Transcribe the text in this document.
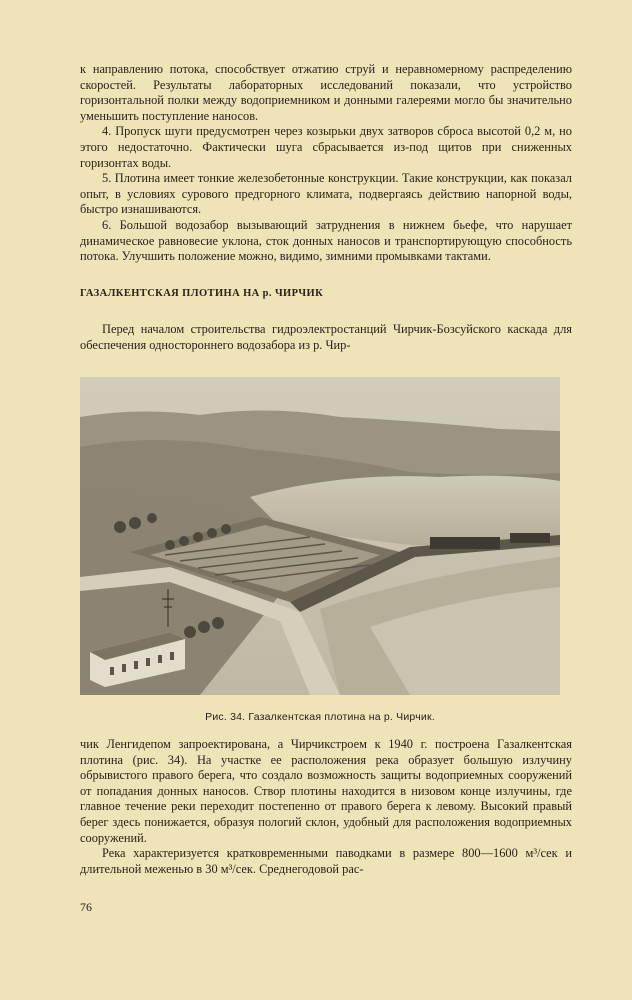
к направлению потока, способствует отжатию струй и неравномерному распределению скоростей. Результаты лабораторных исследований показали, что устройство горизонтальной полки между водоприемником и донными галереями могло бы значительно уменьшить поступление наносов.

4. Пропуск шуги предусмотрен через козырьки двух затворов сброса высотой 0,2 м, но этого недостаточно. Фактически шуга сбрасывается из-под щитов при сниженных горизонтах воды.

5. Плотина имеет тонкие железобетонные конструкции. Такие конструкции, как показал опыт, в условиях сурового предгорного климата, подвергаясь действию напорной воды, быстро изнашиваются.

6. Большой водозабор вызывающий затруднения в нижнем бьефе, что нарушает динамическое равновесие уклона, сток донных наносов и транспортирующую способность потока. Улучшить положение можно, видимо, зимними промывками тактами.

ГАЗАЛКЕНТСКАЯ ПЛОТИНА НА р. ЧИРЧИК

Перед началом строительства гидроэлектростанций Чирчик-Бозсуйского каскада для обеспечения одностороннего водозабора из р. Чир-

Рис. 34. Газалкентская плотина на р. Чирчик.

чик Ленгидепом запроектирована, а Чирчикстроем к 1940 г. построена Газалкентская плотина (рис. 34). На участке ее расположения река образует большую излучину обрывистого правого берега, что создало возможность защиты водоприемных сооружений от попадания донных наносов. Створ плотины находится в низовом конце излучины, где главное течение реки переходит постепенно от правого берега к левому. Высокий правый берег здесь понижается, образуя пологий склон, удобный для расположения водоприемных сооружений.

Река характеризуется кратковременными паводками в размере 800—1600 м³/сек и длительной меженью в 30 м³/сек. Среднегодовой рас-

76
